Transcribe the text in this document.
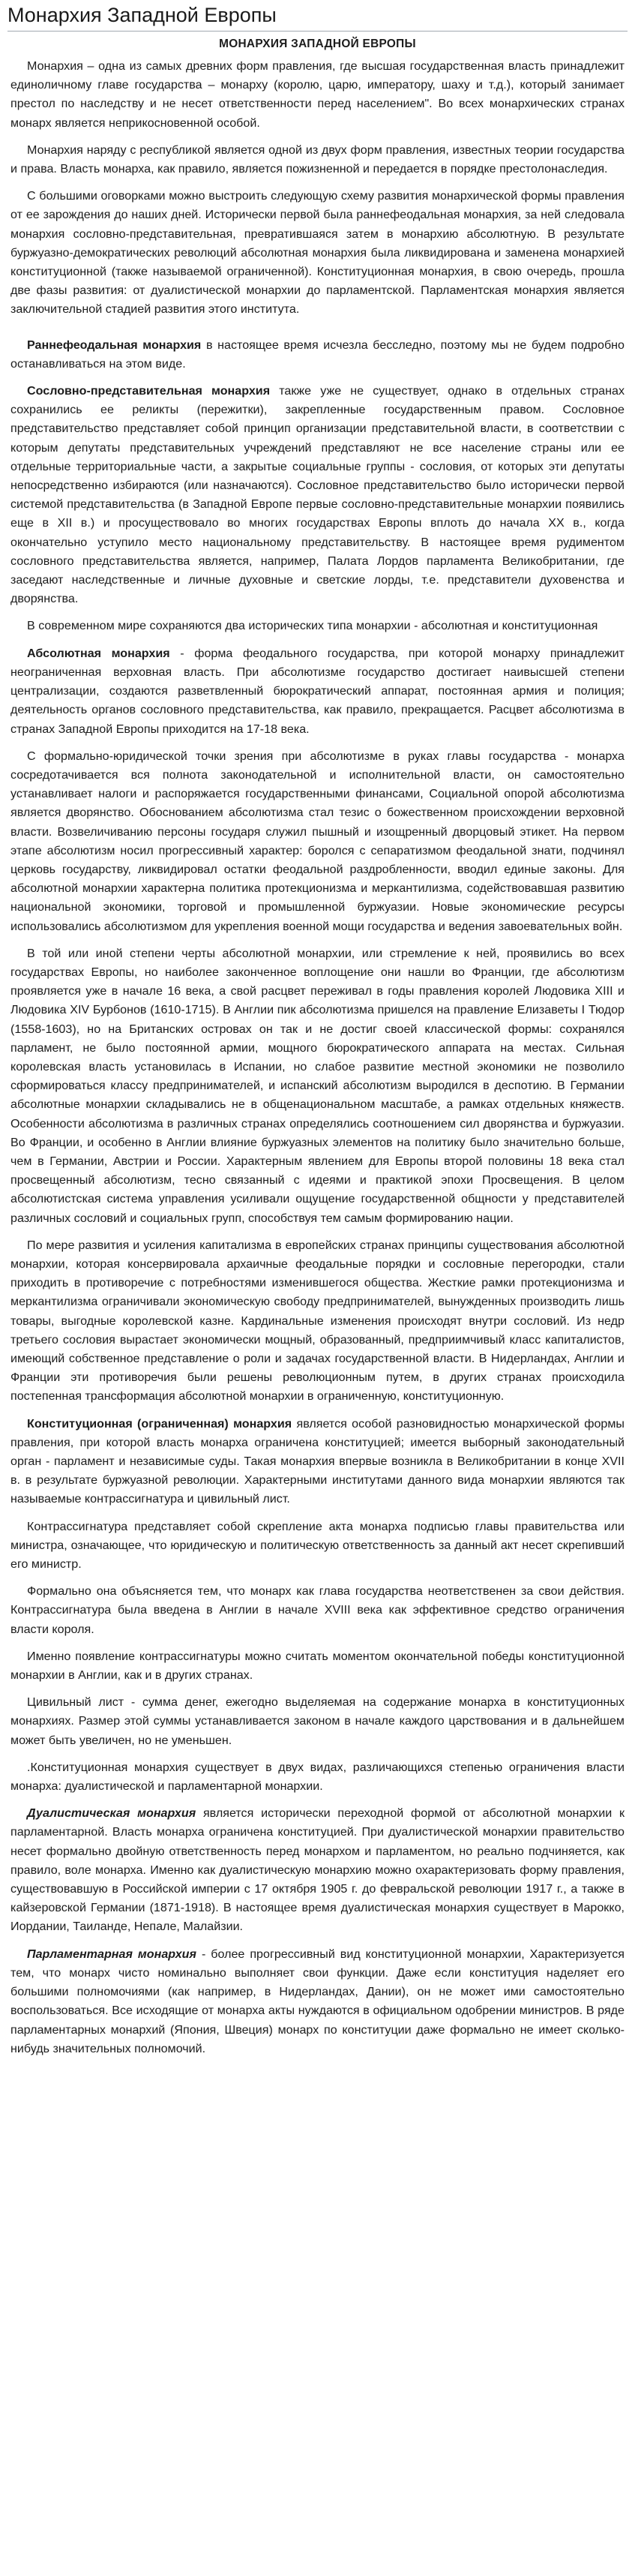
Монархия Западной Европы
МОНАРХИЯ ЗАПАДНОЙ ЕВРОПЫ

Монархия – одна из самых древних форм правления, где высшая государственная власть принадлежит единоличному главе государства – монарху (королю, царю, императору, шаху и т.д.), который занимает престол по наследству и не несет ответственности перед населением". Во всех монархических странах монарх является неприкосновенной особой.

Монархия наряду с республикой является одной из двух форм правления, известных теории государства и права. Власть монарха, как правило, является пожизненной и передается в порядке престолонаследия.

С большими оговорками можно выстроить следующую схему развития монархической формы правления от ее зарождения до наших дней. Исторически первой была раннефеодальная монархия, за ней следовала монархия сословно-представительная, превратившаяся затем в монархию абсолютную. В результате буржуазно-демократических революций абсолютная монархия была ликвидирована и заменена монархией конституционной (также называемой ограниченной). Конституционная монархия, в свою очередь, прошла две фазы развития: от дуалистической монархии до парламентской. Парламентская монархия является заключительной стадией развития этого института.

Раннефеодальная монархия в настоящее время исчезла бесследно, поэтому мы не будем подробно останавливаться на этом виде.

Сословно-представительная монархия также уже не существует, однако в отдельных странах сохранились ее реликты (пережитки), закрепленные государственным правом. Сословное представительство представляет собой принцип организации представительной власти, в соответствии с которым депутаты представительных учреждений представляют не все население страны или ее отдельные территориальные части, а закрытые социальные группы - сословия, от которых эти депутаты непосредственно избираются (или назначаются). Сословное представительство было исторически первой системой представительства (в Западной Европе первые сословно-представительные монархии появились еще в XII в.) и просуществовало во многих государствах Европы вплоть до начала XX в., когда окончательно уступило место национальному представительству. В настоящее время рудиментом сословного представительства является, например, Палата Лордов парламента Великобритании, где заседают наследственные и личные духовные и светские лорды, т.е. представители духовенства и дворянства.

В современном мире сохраняются два исторических типа монархии - абсолютная и конституционная

Абсолютная монархия - форма феодального государства, при которой монарху принадлежит неограниченная верховная власть. При абсолютизме государство достигает наивысшей степени централизации, создаются разветвленный бюрократический аппарат, постоянная армия и полиция; деятельность органов сословного представительства, как правило, прекращается. Расцвет абсолютизма в странах Западной Европы приходится на 17-18 века.

С формально-юридической точки зрения при абсолютизме в руках главы государства - монарха сосредотачивается вся полнота законодательной и исполнительной власти, он самостоятельно устанавливает налоги и распоряжается государственными финансами, Социальной опорой абсолютизма является дворянство. Обоснованием абсолютизма стал тезис о божественном происхождении верховной власти. Возвеличиванию персоны государя служил пышный и изощренный дворцовый этикет. На первом этапе абсолютизм носил прогрессивный характер: боролся с сепаратизмом феодальной знати, подчинял церковь государству, ликвидировал остатки феодальной раздробленности, вводил единые законы. Для абсолютной монархии характерна политика протекционизма и меркантилизма, содействовавшая развитию национальной экономики, торговой и промышленной буржуазии. Новые экономические ресурсы использовались абсолютизмом для укрепления военной мощи государства и ведения завоевательных войн.

В той или иной степени черты абсолютной монархии, или стремление к ней, проявились во всех государствах Европы, но наиболее законченное воплощение они нашли во Франции, где абсолютизм проявляется уже в начале 16 века, а свой расцвет переживал в годы правления королей Людовика XIII и Людовика XIV Бурбонов (1610-1715). В Англии пик абсолютизма пришелся на правление Елизаветы I Тюдор (1558-1603), но на Британских островах он так и не достиг своей классической формы: сохранялся парламент, не было постоянной армии, мощного бюрократического аппарата на местах. Сильная королевская власть установилась в Испании, но слабое развитие местной экономики не позволило сформироваться классу предпринимателей, и испанский абсолютизм выродился в деспотию. В Германии абсолютные монархии складывались не в общенациональном масштабе, а рамках отдельных княжеств. Особенности абсолютизма в различных странах определялись соотношением сил дворянства и буржуазии. Во Франции, и особенно в Англии влияние буржуазных элементов на политику было значительно больше, чем в Германии, Австрии и России. Характерным явлением для Европы второй половины 18 века стал просвещенный абсолютизм, тесно связанный с идеями и практикой эпохи Просвещения. В целом абсолютистская система управления усиливали ощущение государственной общности у представителей различных сословий и социальных групп, способствуя тем самым формированию нации.

По мере развития и усиления капитализма в европейских странах принципы существования абсолютной монархии, которая консервировала архаичные феодальные порядки и сословные перегородки, стали приходить в противоречие с потребностями изменившегося общества. Жесткие рамки протекционизма и меркантилизма ограничивали экономическую свободу предпринимателей, вынужденных производить лишь товары, выгодные королевской казне. Кардинальные изменения происходят внутри сословий. Из недр третьего сословия вырастает экономически мощный, образованный, предприимчивый класс капиталистов, имеющий собственное представление о роли и задачах государственной власти. В Нидерландах, Англии и Франции эти противоречия были решены революционным путем, в других странах происходила постепенная трансформация абсолютной монархии в ограниченную, конституционную.

Конституционная (ограниченная) монархия является особой разновидностью монархической формы правления, при которой власть монарха ограничена конституцией; имеется выборный законодательный орган - парламент и независимые суды. Такая монархия впервые возникла в Великобритании в конце XVII в. в результате буржуазной революции. Характерными институтами данного вида монархии являются так называемые контрассигнатура и цивильный лист.

Контрассигнатура представляет собой скрепление акта монарха подписью главы правительства или министра, означающее, что юридическую и политическую ответственность за данный акт несет скрепивший его министр.

Формально она объясняется тем, что монарх как глава государства неответственен за свои действия. Контрассигнатура была введена в Англии в начале XVIII века как эффективное средство ограничения власти короля.

Именно появление контрассигнатуры можно считать моментом окончательной победы конституционной монархии в Англии, как и в других странах.

Цивильный лист - сумма денег, ежегодно выделяемая на содержание монарха в конституционных монархиях. Размер этой суммы устанавливается законом в начале каждого царствования и в дальнейшем может быть увеличен, но не уменьшен.

.Конституционная монархия существует в двух видах, различающихся степенью ограничения власти монарха: дуалистической и парламентарной монархии.

Дуалистическая монархия является исторически переходной формой от абсолютной монархии к парламентарной. Власть монарха ограничена конституцией. При дуалистической монархии правительство несет формально двойную ответственность перед монархом и парламентом, но реально подчиняется, как правило, воле монарха. Именно как дуалистическую монархию можно охарактеризовать форму правления, существовавшую в Российской империи с 17 октября 1905 г. до февральской революции 1917 г., а также в кайзеровской Германии (1871-1918). В настоящее время дуалистическая монархия существует в Марокко, Иордании, Таиланде, Непале, Малайзии.

Парламентарная монархия - более прогрессивный вид конституционной монархии, Характеризуется тем, что монарх чисто номинально выполняет свои функции. Даже если конституция наделяет его большими полномочиями (как например, в Нидерландах, Дании), он не может ими самостоятельно воспользоваться. Все исходящие от монарха акты нуждаются в официальном одобрении министров. В ряде парламентарных монархий (Япония, Швеция) монарх по конституции даже формально не имеет сколько-нибудь значительных полномочий.
